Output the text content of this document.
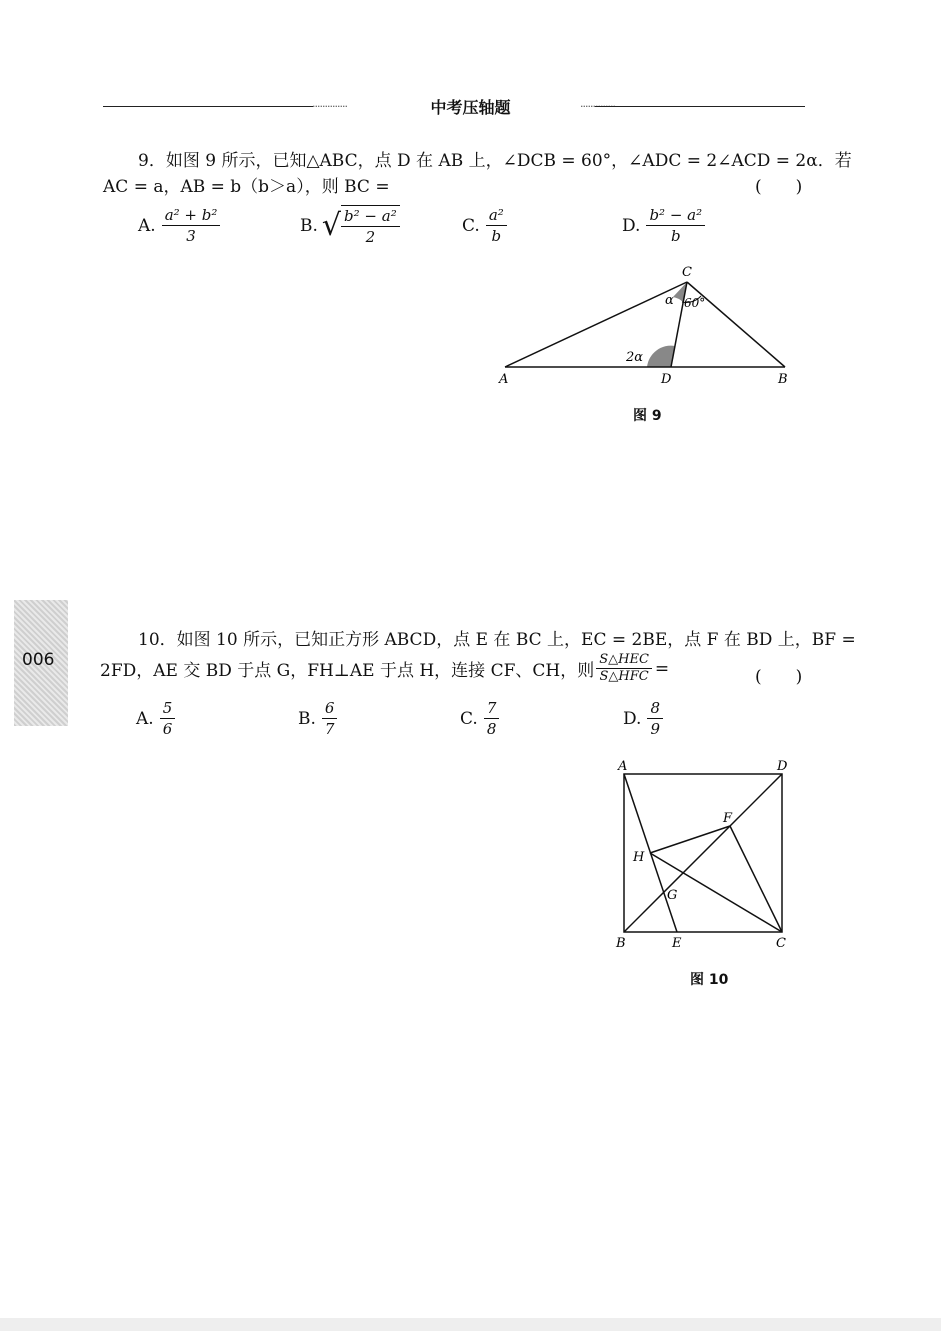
··············	中考压轴题	··············
9．如图 9 所示，已知△ABC，点 D 在 AB 上，∠DCB = 60°，∠ADC = 2∠ACD = 2α．若
AC = a，AB = b（b＞a），则 BC =	(　　)
A. $\frac{\text{a² + b²}}{3}$	B. √ $\frac{\text{b² − a²}}{2}$	C. $\frac{\text{a²}}{b}$	D. $\frac{\text{b² − a²}}{b}$
C
A	D	B
α 60°
2α
图 9
006
10．如图 10 所示，已知正方形 ABCD，点 E 在 BC 上，EC = 2BE，点 F 在 BD 上，BF =
2FD，AE 交 BD 于点 G，FH⊥AE 于点 H，连接 CF、CH，则 $\frac{\text{S△HEC}}{\text{S△HFC}}$ =	(　　)
A. $\frac{5}{6}$	B. $\frac{6}{7}$	C. $\frac{7}{8}$	D. $\frac{8}{9}$
A	D
B	E	C
F
H
G
图 10
